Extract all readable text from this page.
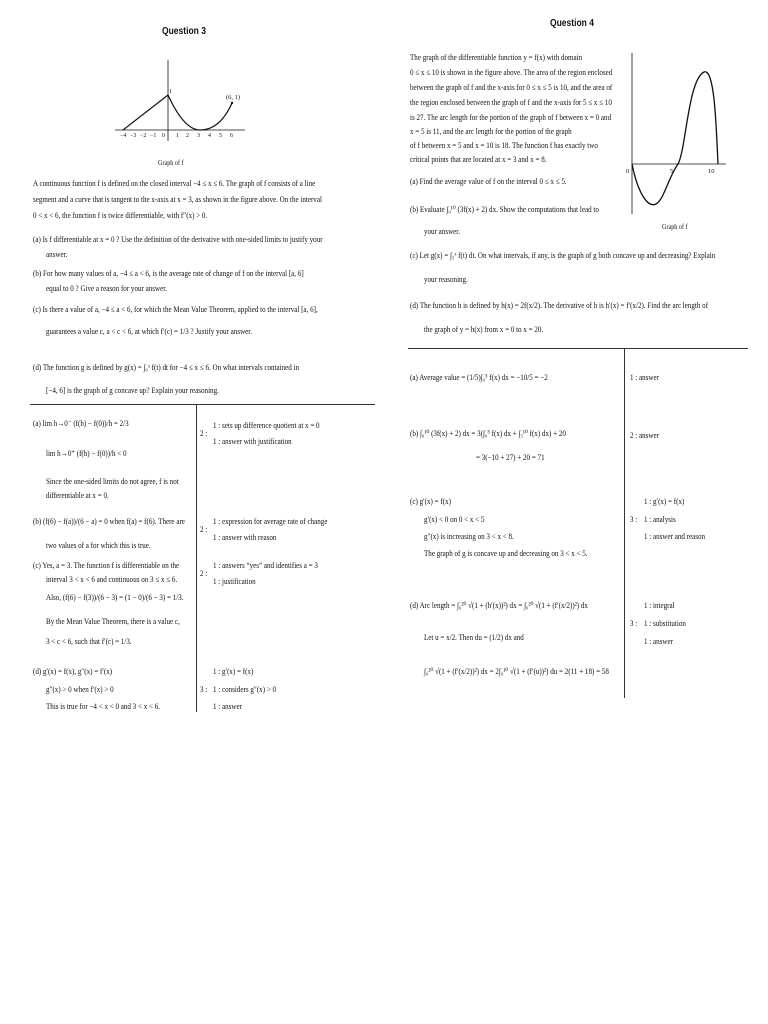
Question 3
−4 −3 −2 −1 0 1 2 3 4 5 6
1
(6, 1)
Graph of f

A continuous function f is defined on the closed interval −4 ≤ x ≤ 6. The graph of f consists of a line

segment and a curve that is tangent to the x-axis at x = 3, as shown in the figure above. On the interval

0 < x < 6, the function f is twice differentiable, with f″(x) > 0.

(a) Is f differentiable at x = 0 ? Use the definition of the derivative with one-sided limits to justify your

answer.

(b) For how many values of a, −4 ≤ a < 6, is the average rate of change of f on the interval [a, 6]

equal to 0 ? Give a reason for your answer.

(c) Is there a value of a, −4 ≤ a < 6, for which the Mean Value Theorem, applied to the interval [a, 6],

guarantees a value c, a < c < 6, at which f′(c) = 1/3 ? Justify your answer.

(d) The function g is defined by g(x) = ∫₀ˣ f(t) dt for −4 ≤ x ≤ 6. On what intervals contained in

[−4, 6] is the graph of g concave up? Explain your reasoning.

(a) lim h→0⁻ (f(h) − f(0))/h = 2/3

lim h→0⁺ (f(h) − f(0))/h < 0

Since the one-sided limits do not agree, f is not

differentiable at x = 0.

(b) (f(6) − f(a))/(6 − a) = 0 when f(a) = f(6). There are

two values of a for which this is true.

(c) Yes, a = 3. The function f is differentiable on the

interval 3 < x < 6 and continuous on 3 ≤ x ≤ 6.

Also, (f(6) − f(3))/(6 − 3) = (1 − 0)/(6 − 3) = 1/3.

By the Mean Value Theorem, there is a value c,

3 < c < 6, such that f′(c) = 1/3.

(d) g′(x) = f(x), g″(x) = f′(x)

g″(x) > 0 when f′(x) > 0

This is true for −4 < x < 0 and 3 < x < 6.

2 :

1 : sets up difference quotient at x = 0

1 : answer with justification

2 :

1 : expression for average rate of change

1 : answer with reason

2 :

1 : answers “yes” and identifies a = 3

1 : justification

3 :

1 : g′(x) = f(x)

1 : considers g″(x) > 0

1 : answer

Question 4

The graph of the differentiable function y = f(x) with domain

0 ≤ x ≤ 10 is shown in the figure above. The area of the region enclosed

between the graph of f and the x-axis for 0 ≤ x ≤ 5 is 10, and the area of

the region enclosed between the graph of f and the x-axis for 5 ≤ x ≤ 10

is 27. The arc length for the portion of the graph of f between x = 0 and

x = 5 is 11, and the arc length for the portion of the graph

of f between x = 5 and x = 10 is 18. The function f has exactly two

critical points that are located at x = 3 and x = 8.

0	5	10
Graph of f

(a) Find the average value of f on the interval 0 ≤ x ≤ 5.

(b) Evaluate ∫₀¹⁰ (3f(x) + 2) dx. Show the computations that lead to

your answer.

(c) Let g(x) = ∫₅ˣ f(t) dt. On what intervals, if any, is the graph of g both concave up and decreasing? Explain

your reasoning.

(d) The function h is defined by h(x) = 2f(x/2). The derivative of h is h′(x) = f′(x/2). Find the arc length of

the graph of y = h(x) from x = 0 to x = 20.

(a) Average value = (1/5)∫₀⁵ f(x) dx = −10/5 = −2

(b) ∫₀¹⁰ (3f(x) + 2) dx = 3(∫₀⁵ f(x) dx + ∫₅¹⁰ f(x) dx) + 20

= 3(−10 + 27) + 20 = 71

(c) g′(x) = f(x)

g′(x) < 0 on 0 < x < 5

g″(x) is increasing on 3 < x < 8.

The graph of g is concave up and decreasing on 3 < x < 5.

(d) Arc length = ∫₀²⁰ √(1 + (h′(x))²) dx = ∫₀²⁰ √(1 + (f′(x/2))²) dx

Let u = x/2. Then du = (1/2) dx and

∫₀²⁰ √(1 + (f′(x/2))²) dx = 2∫₀¹⁰ √(1 + (f′(u))²) du = 2(11 + 18) = 58

1 : answer

2 : answer

3 :

1 : g′(x) = f(x)

1 : analysis

1 : answer and reason

3 :

1 : integral

1 : substitution

1 : answer
